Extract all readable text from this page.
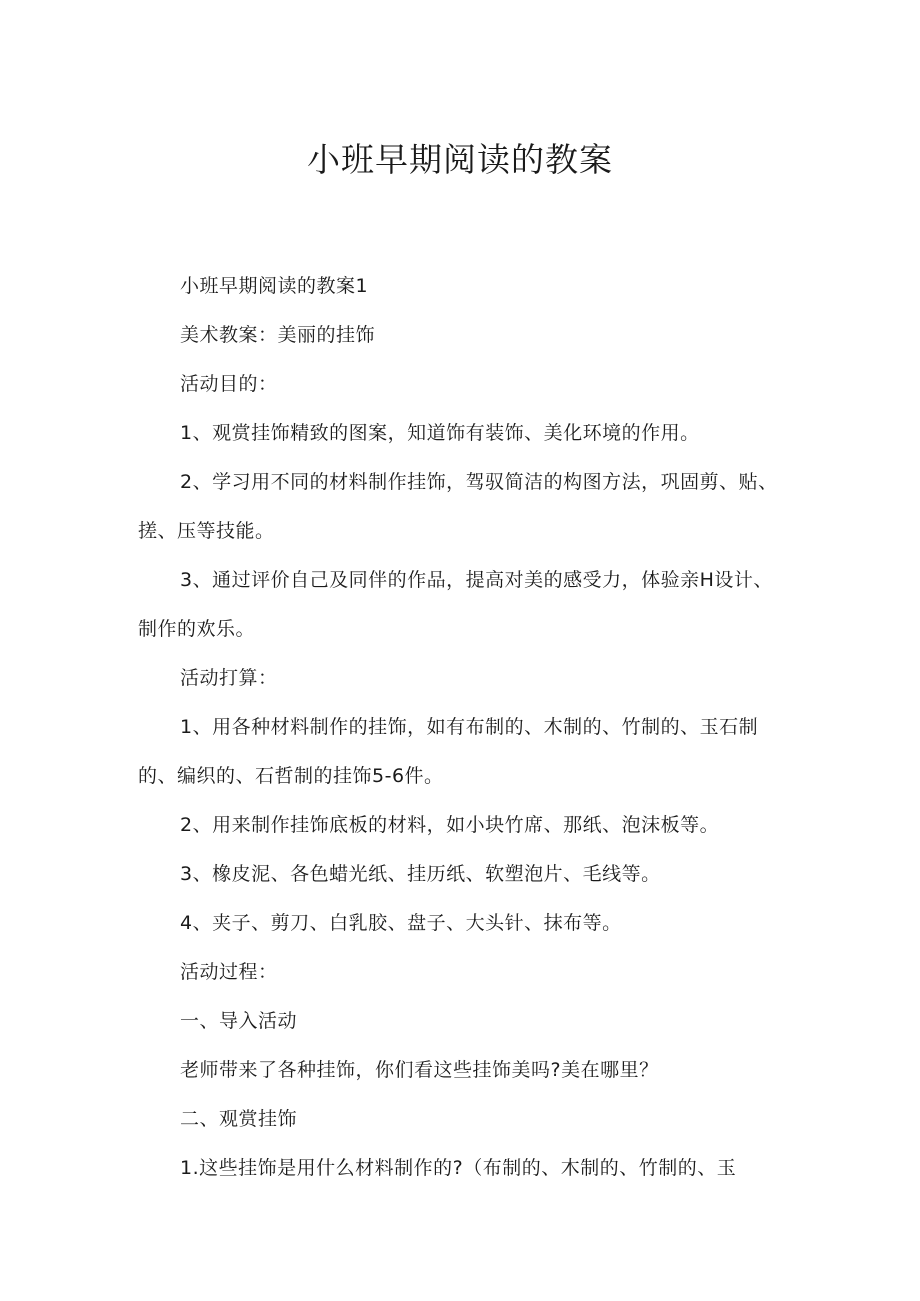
小班早期阅读的教案

小班早期阅读的教案1

美术教案：美丽的挂饰

活动目的：

1、观赏挂饰精致的图案，知道饰有装饰、美化环境的作用。

2、学习用不同的材料制作挂饰，驾驭简洁的构图方法，巩固剪、贴、搓、压等技能。

3、通过评价自己及同伴的作品，提高对美的感受力，体验亲H设计、制作的欢乐。

活动打算：

1、用各种材料制作的挂饰，如有布制的、木制的、竹制的、玉石制的、编织的、石哲制的挂饰5-6件。

2、用来制作挂饰底板的材料，如小块竹席、那纸、泡沫板等。

3、橡皮泥、各色蜡光纸、挂历纸、软塑泡片、毛线等。

4、夹子、剪刀、白乳胶、盘子、大头针、抹布等。

活动过程：

一、导入活动

老师带来了各种挂饰，你们看这些挂饰美吗?美在哪里？

二、观赏挂饰

1.这些挂饰是用什么材料制作的?（布制的、木制的、竹制的、玉
